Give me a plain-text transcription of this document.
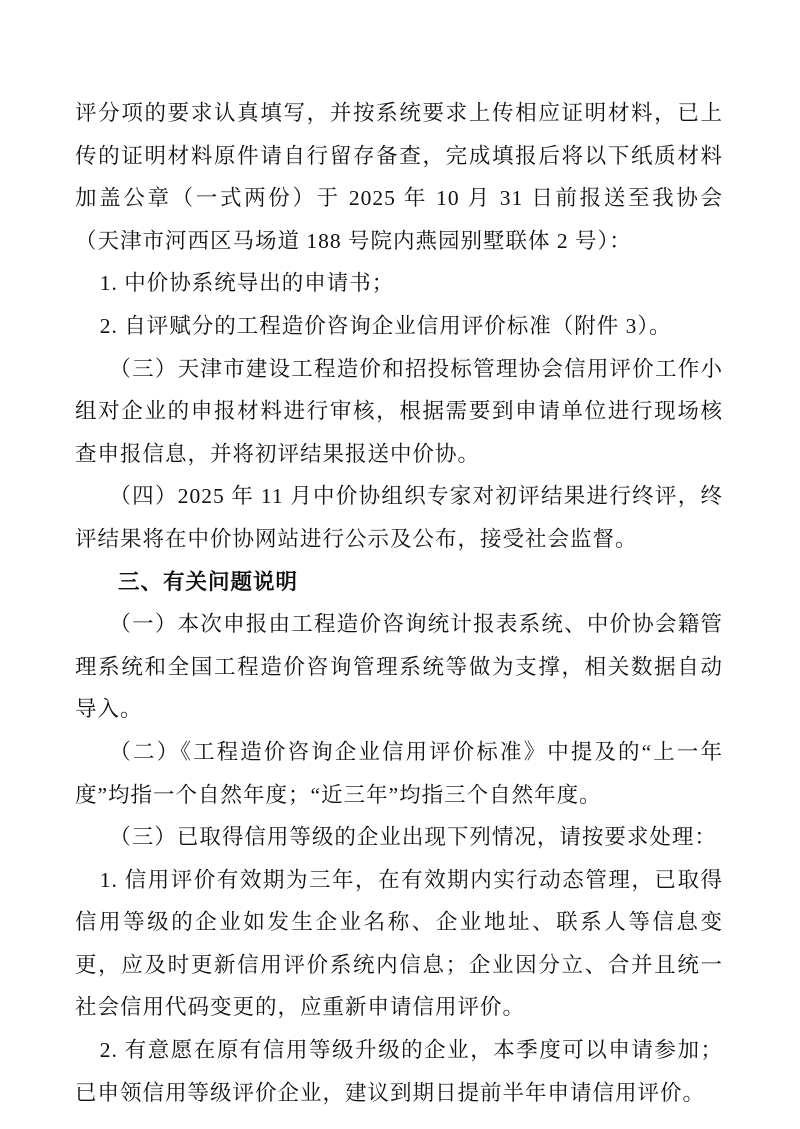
评分项的要求认真填写，并按系统要求上传相应证明材料，已上传的证明材料原件请自行留存备查，完成填报后将以下纸质材料加盖公章（一式两份）于 2025 年 10 月 31 日前报送至我协会（天津市河西区马场道 188 号院内燕园别墅联体 2 号）：

1. 中价协系统导出的申请书；

2. 自评赋分的工程造价咨询企业信用评价标准（附件 3）。

（三）天津市建设工程造价和招投标管理协会信用评价工作小组对企业的申报材料进行审核，根据需要到申请单位进行现场核查申报信息，并将初评结果报送中价协。

（四）2025 年 11 月中价协组织专家对初评结果进行终评，终评结果将在中价协网站进行公示及公布，接受社会监督。

三、有关问题说明

（一）本次申报由工程造价咨询统计报表系统、中价协会籍管理系统和全国工程造价咨询管理系统等做为支撑，相关数据自动导入。

（二）《工程造价咨询企业信用评价标准》中提及的“上一年度”均指一个自然年度；“近三年”均指三个自然年度。

（三）已取得信用等级的企业出现下列情况，请按要求处理：

1. 信用评价有效期为三年，在有效期内实行动态管理，已取得信用等级的企业如发生企业名称、企业地址、联系人等信息变更，应及时更新信用评价系统内信息；企业因分立、合并且统一社会信用代码变更的，应重新申请信用评价。

2. 有意愿在原有信用等级升级的企业，本季度可以申请参加；已申领信用等级评价企业，建议到期日提前半年申请信用评价。
